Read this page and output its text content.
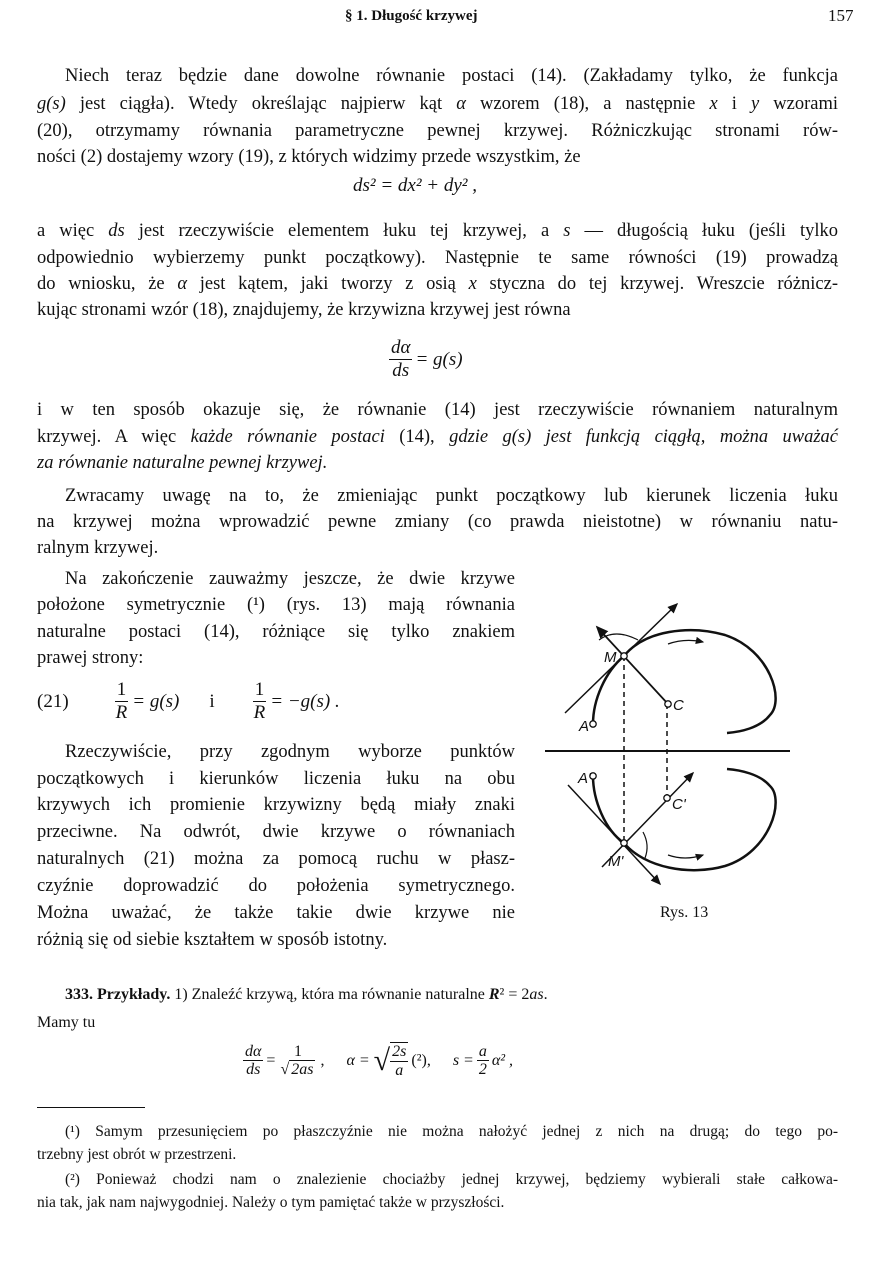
§ 1. Długość krzywej	157
Niech teraz będzie dane dowolne równanie postaci (14). (Zakładamy tylko, że funkcja
g(s) jest ciągła). Wtedy określając najpierw kąt α wzorem (18), a następnie x i y wzorami
(20), otrzymamy równania parametryczne pewnej krzywej. Różniczkując stronami rów-
ności (2) dostajemy wzory (19), z których widzimy przede wszystkim, że
a więc ds jest rzeczywiście elementem łuku tej krzywej, a s — długością łuku (jeśli tylko
odpowiednio wybierzemy punkt początkowy). Następnie te same równości (19) prowadzą
do wniosku, że α jest kątem, jaki tworzy z osią x styczna do tej krzywej. Wreszcie różnicz-
kując stronami wzór (18), znajdujemy, że krzywizna krzywej jest równa
i w ten sposób okazuje się, że równanie (14) jest rzeczywiście równaniem naturalnym
krzywej. A więc każde równanie postaci (14), gdzie g(s) jest funkcją ciągłą, można uważać
za równanie naturalne pewnej krzywej.
Zwracamy uwagę na to, że zmieniając punkt początkowy lub kierunek liczenia łuku
na krzywej można wprowadzić pewne zmiany (co prawda nieistotne) w równaniu natu-
ralnym krzywej.
Na zakończenie zauważmy jeszcze, że dwie krzywe
położone symetrycznie (¹) (rys. 13) mają równania
naturalne postaci (14), różniące się tylko znakiem
prawej strony:
Rzeczywiście, przy zgodnym wyborze punktów
początkowych i kierunków liczenia łuku na obu
krzywych ich promienie krzywizny będą miały znaki
przeciwne. Na odwrót, dwie krzywe o równaniach
naturalnych (21) można za pomocą ruchu w płasz-
czyźnie doprowadzić do położenia symetrycznego.
Można uważać, że także takie dwie krzywe nie
różnią się od siebie kształtem w sposób istotny.
333. Przykłady. 1) Znaleźć krzywą, która ma równanie naturalne R² = 2as.
Mamy tu
(¹) Samym przesunięciem po płaszczyźnie nie można nałożyć jednej z nich na drugą; do tego po-
trzebny jest obrót w przestrzeni.
(²) Ponieważ chodzi nam o znalezienie chociażby jednej krzywej, będziemy wybierali stałe całkowa-
nia tak, jak nam najwygodniej. Należy o tym pamiętać także w przyszłości.
ds² = dx² + dy² ,
$\frac{d\alpha}{ds} = g(s)$
$(21) \frac{1}{R} = g(s)$ i $\frac{1}{R} = -g(s)$ .
$\frac{d\alpha}{ds} = \frac{1}{√ 2as}$ , α = √ $\frac{2s}{a} (^2)$, $s = \frac{a}{2} \alpha^2$ ,
M
C
A
A'
C'
M'
Rys. 13
